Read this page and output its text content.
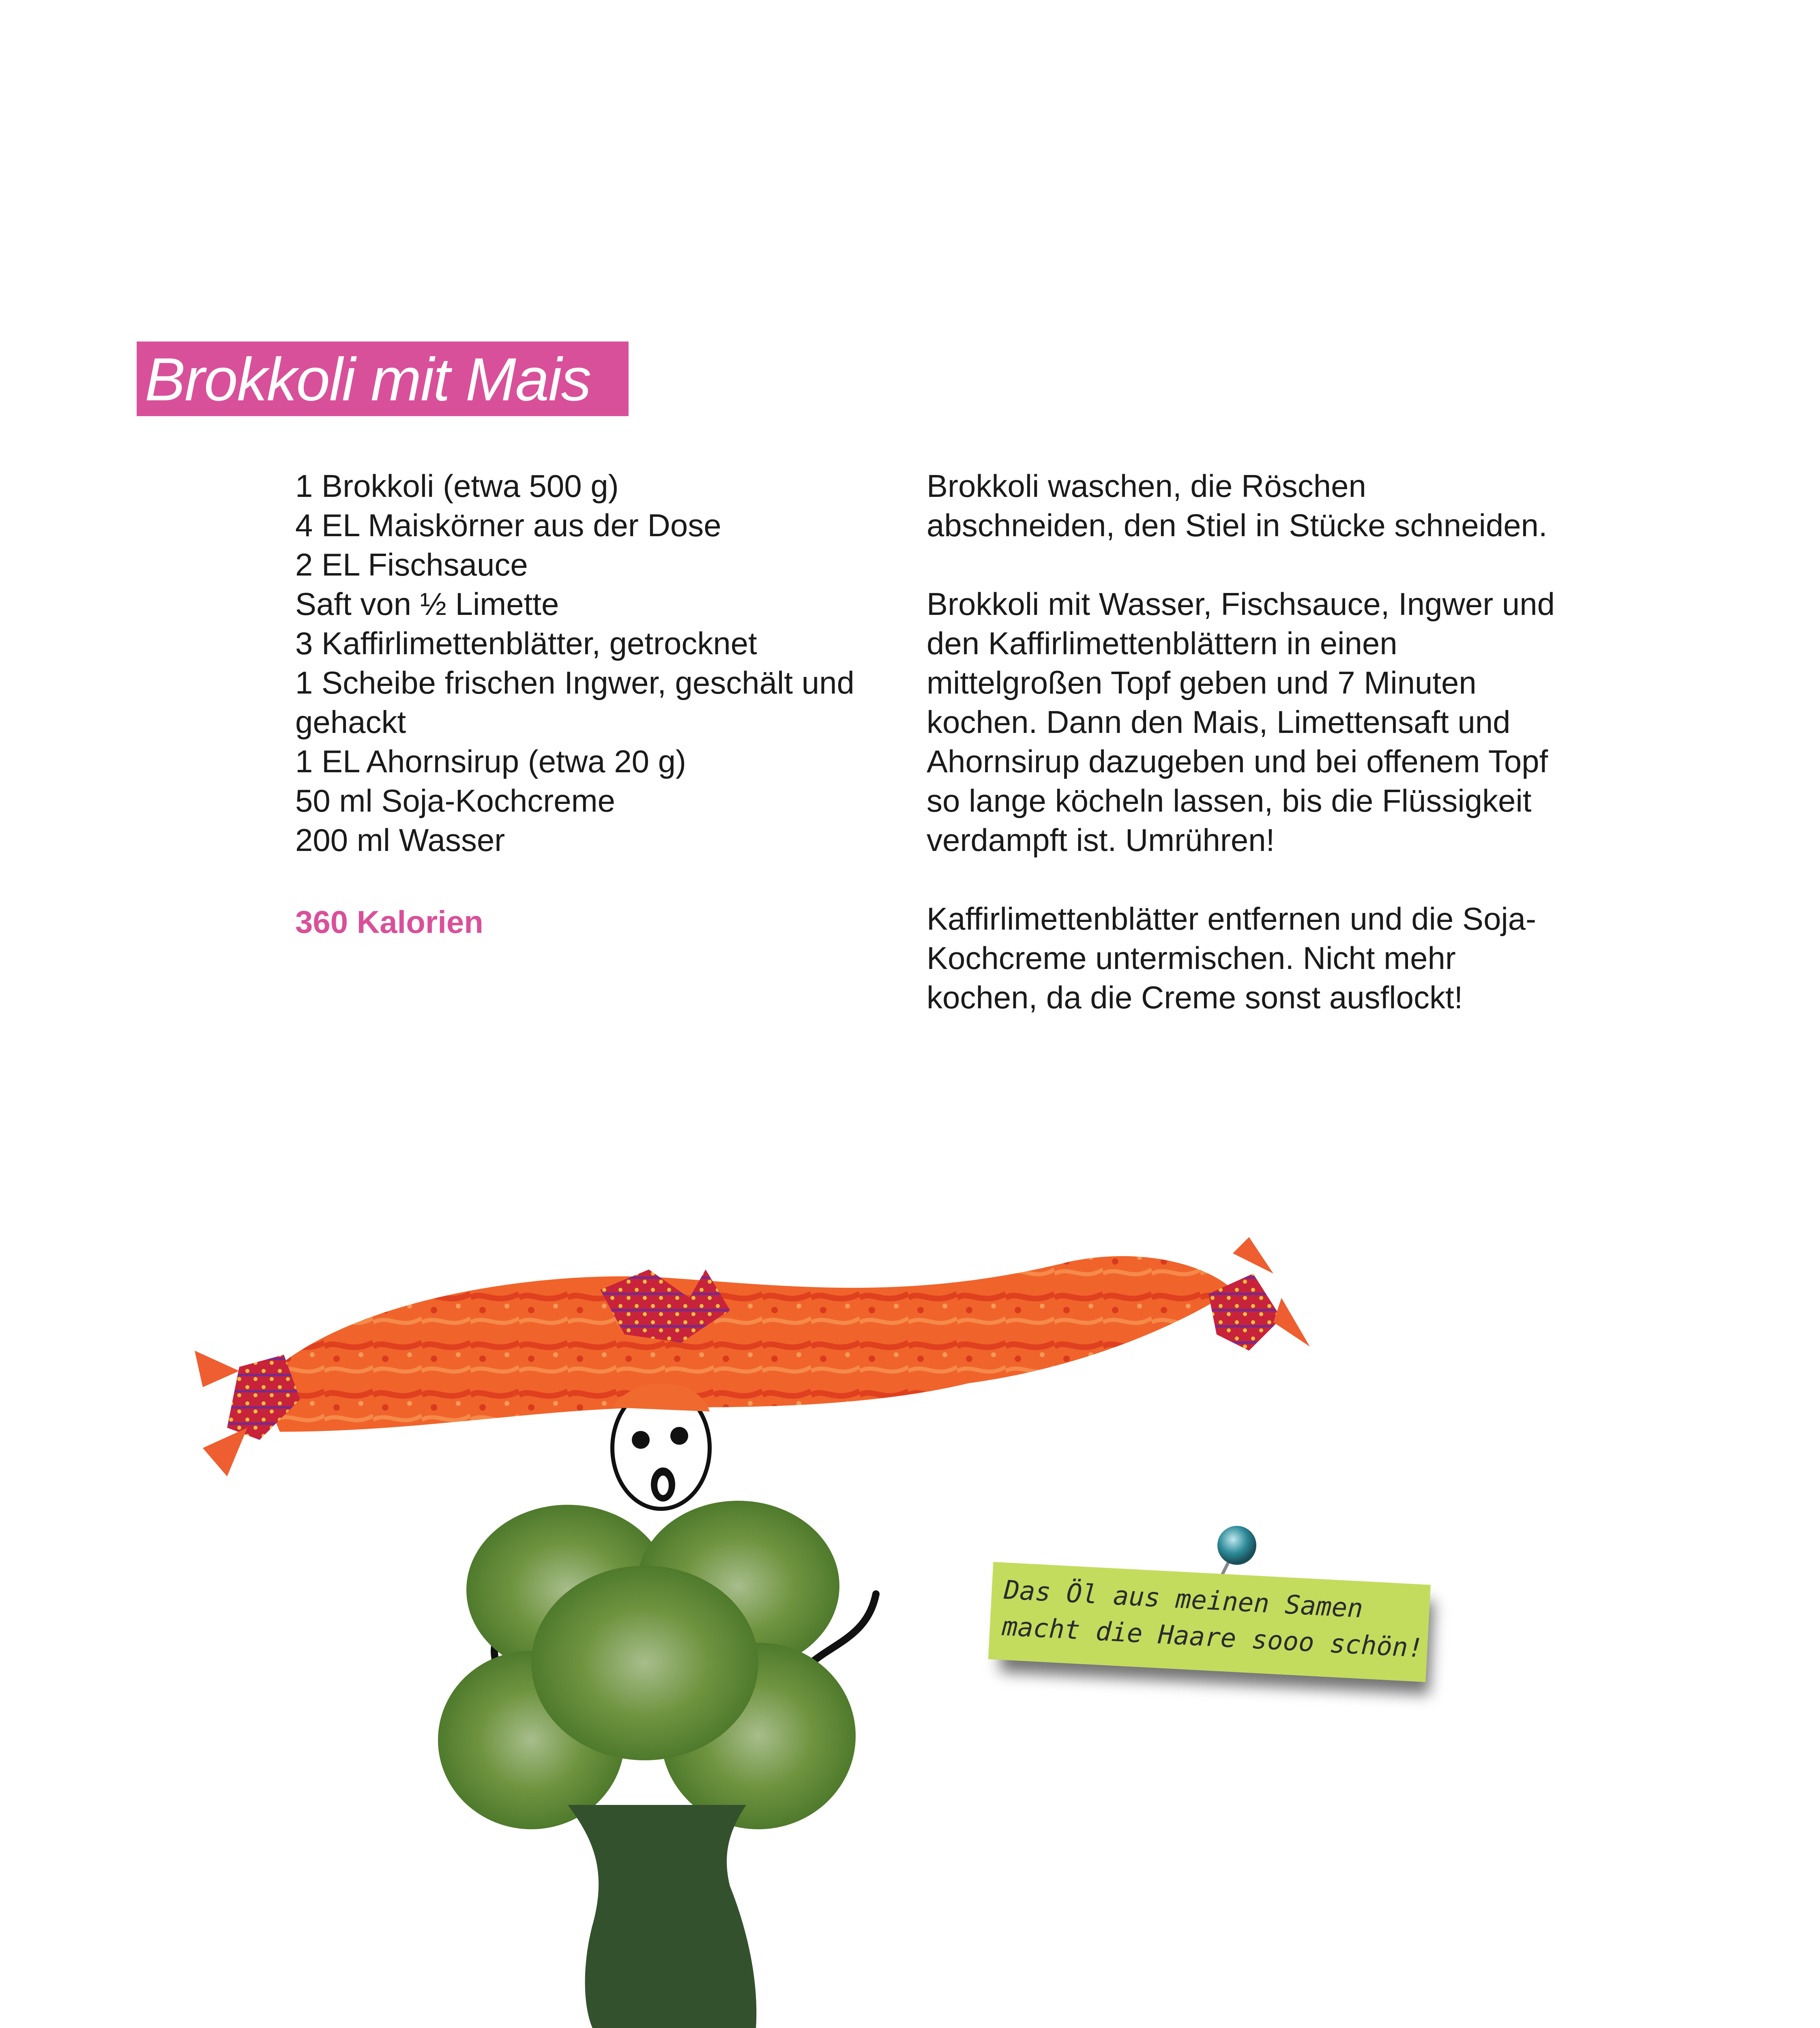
Brokkoli mit Mais
1 Brokkoli (etwa 500 g)
4 EL Maiskörner aus der Dose
2 EL Fischsauce
Saft von ½ Limette
3 Kaffirlimettenblätter, getrocknet
1 Scheibe frischen Ingwer, geschält und
gehackt
1 EL Ahornsirup (etwa 20 g)
50 ml Soja-Kochcreme
200 ml Wasser
360 Kalorien

Brokkoli waschen, die Röschen abschneiden, den Stiel in Stücke schneiden.

Brokkoli mit Wasser, Fischsauce, Ingwer und den Kaffirlimettenblättern in einen mittelgroßen Topf geben und 7 Minuten kochen. Dann den Mais, Limettensaft und Ahornsirup dazugeben und bei offenem Topf so lange köcheln lassen, bis die Flüssigkeit verdampft ist. Umrühren!

Kaffirlimettenblätter entfernen und die Soja-Kochcreme untermischen. Nicht mehr kochen, da die Creme sonst ausflockt!

Das Öl aus meinen Samen
macht die Haare sooo schön!
